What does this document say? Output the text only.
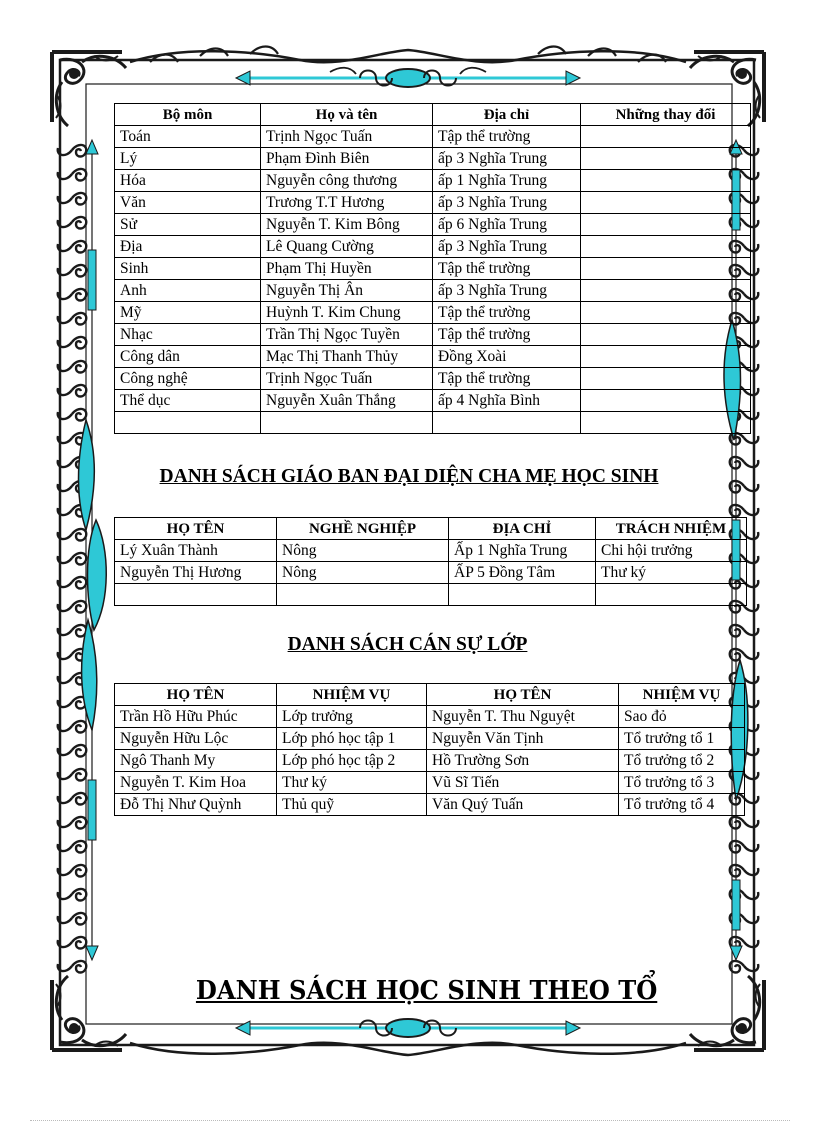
Bộ môn	Họ và tên	Địa chỉ	Những thay đổi
Toán	Trịnh Ngọc Tuấn	Tập thể trường	
Lý	Phạm Đình Biên	ấp 3 Nghĩa Trung	
Hóa	Nguyễn công thương	ấp 1 Nghĩa Trung	
Văn	Trương T.T Hương	ấp 3 Nghĩa Trung	
Sử	Nguyễn T. Kim Bông	ấp 6 Nghĩa Trung	
Địa	Lê Quang Cường	ấp 3 Nghĩa Trung	
Sinh	Phạm Thị Huyền	Tập thể trường	
Anh	Nguyễn Thị Ân	ấp 3 Nghĩa Trung	
Mỹ	Huỳnh T. Kim Chung	Tập thể trường	
Nhạc	Trần Thị Ngọc Tuyền	Tập thể trường	
Công dân	Mạc Thị Thanh Thủy	Đồng Xoài	
Công nghệ	Trịnh Ngọc Tuấn	Tập thể trường	
Thể dục	Nguyễn Xuân Thắng	ấp 4 Nghĩa Bình	

DANH SÁCH GIÁO BAN ĐẠI DIỆN CHA MẸ HỌC SINH
HỌ TÊN	NGHỀ NGHIỆP	ĐỊA CHỈ	TRÁCH NHIỆM
Lý Xuân Thành	Nông	Ấp 1 Nghĩa Trung	Chi hội trưởng
Nguyễn Thị Hương	Nông	ẤP 5 Đồng Tâm	Thư ký

DANH SÁCH CÁN SỰ LỚP
HỌ TÊN	NHIỆM VỤ	HỌ TÊN	NHIỆM VỤ
Trần Hồ Hữu Phúc	Lớp trưởng	Nguyễn T. Thu Nguyệt	Sao đỏ
Nguyễn Hữu Lộc	Lớp phó học tập 1	Nguyễn Văn Tịnh	Tổ trưởng tổ 1
Ngô Thanh My	Lớp phó học tập 2	Hồ Trường Sơn	Tổ trưởng tổ 2
Nguyễn T. Kim Hoa	Thư ký	Vũ Sĩ Tiến	Tổ trưởng tổ 3
Đỗ Thị Như Quỳnh	Thủ quỹ	Văn Quý Tuấn	Tổ trưởng tổ 4
DANH SÁCH HỌC SINH THEO TỔ
